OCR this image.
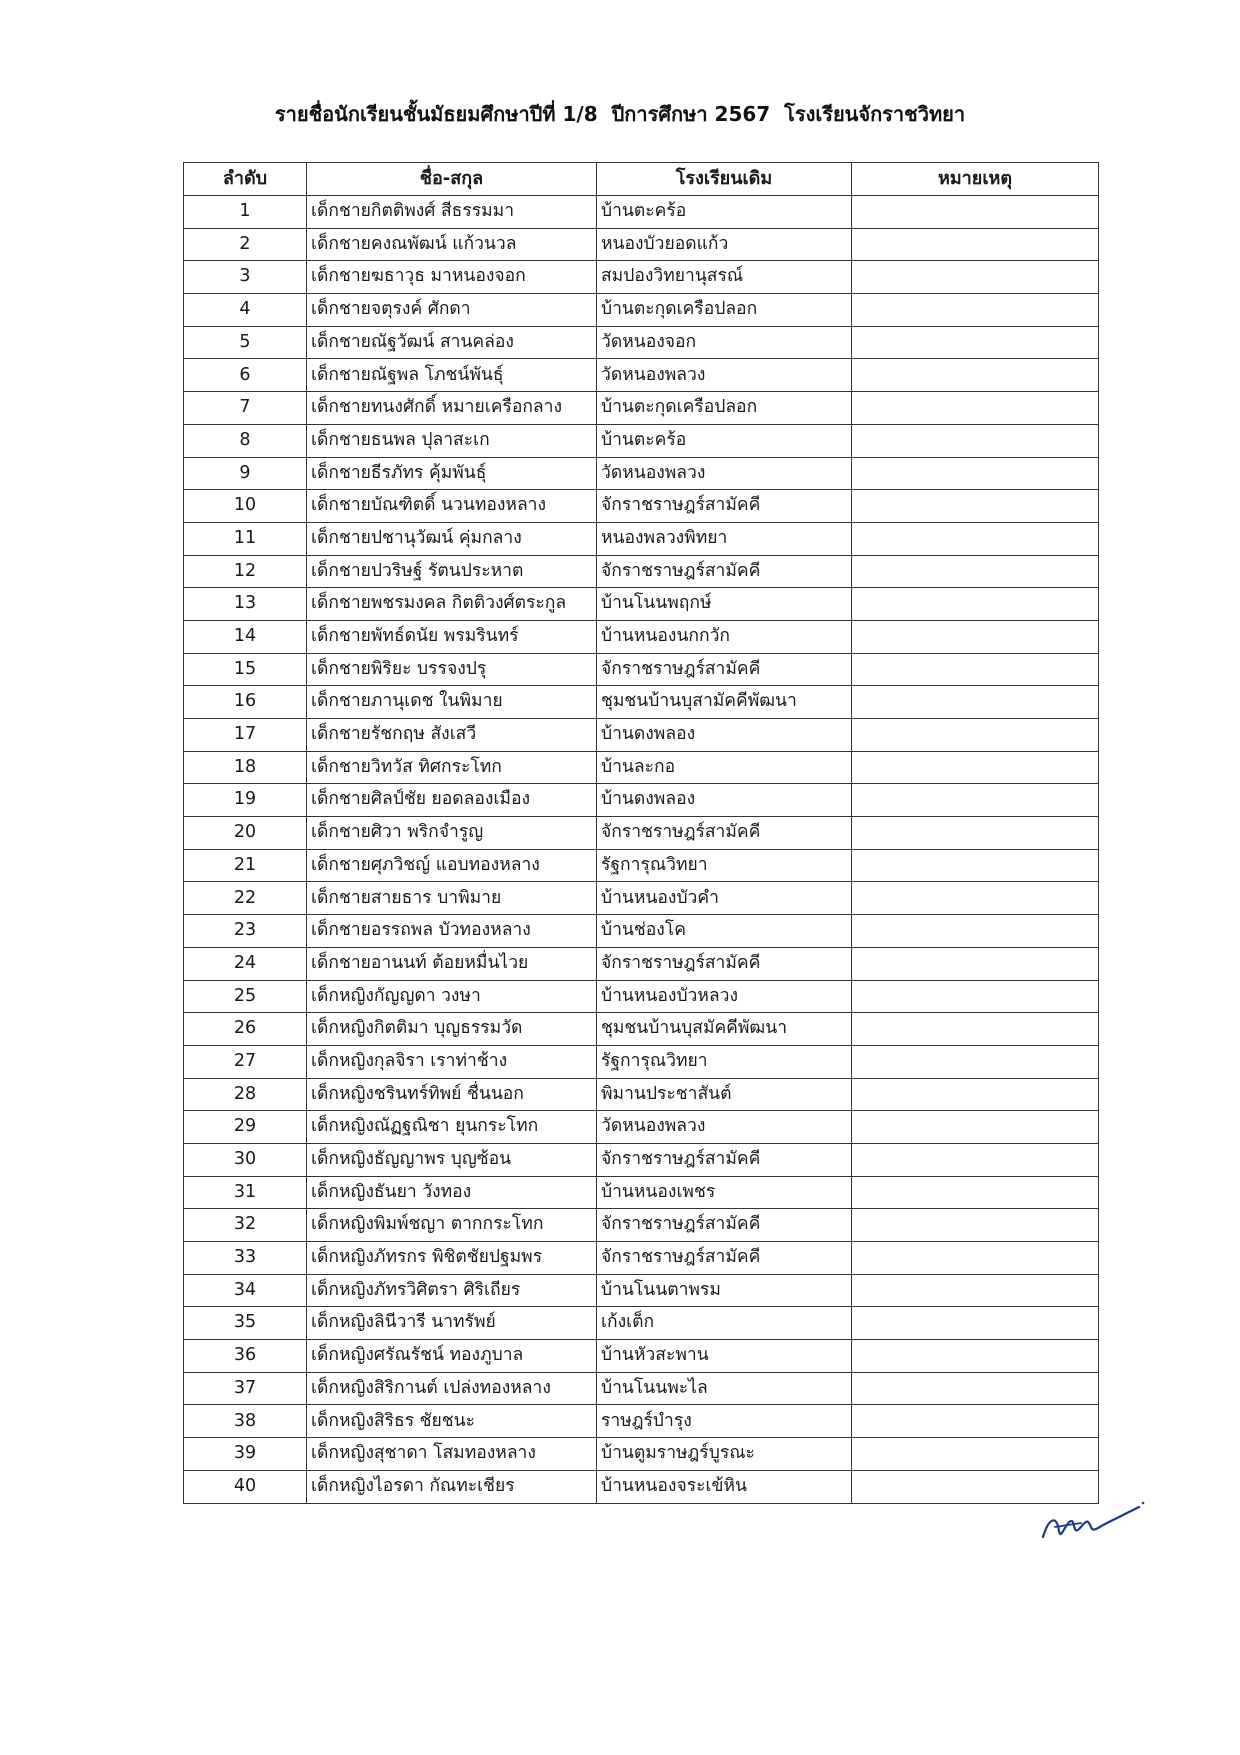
รายชื่อนักเรียนชั้นมัธยมศึกษาปีที่ 1/8  ปีการศึกษา 2567  โรงเรียนจักราชวิทยา
ลำดับ	ชื่อ-สกุล	โรงเรียนเดิม	หมายเหตุ
1	เด็กชายกิตติพงศ์ สีธรรมมา	บ้านตะคร้อ	
2	เด็กชายคงณพัฒน์ แก้วนวล	หนองบัวยอดแก้ว	
3	เด็กชายฆธาวุธ มาหนองจอก	สมปองวิทยานุสรณ์	
4	เด็กชายจตุรงค์ ศักดา	บ้านตะกุดเครือปลอก	
5	เด็กชายณัฐวัฒน์ สานคล่อง	วัดหนองจอก	
6	เด็กชายณัฐพล โภชน์พันธุ์	วัดหนองพลวง	
7	เด็กชายทนงศักดิ์ หมายเครือกลาง	บ้านตะกุดเครือปลอก	
8	เด็กชายธนพล ปุลาสะเก	บ้านตะคร้อ	
9	เด็กชายธีรภัทร คุ้มพันธุ์	วัดหนองพลวง	
10	เด็กชายบัณฑิตดิ์ นวนทองหลาง	จักราชราษฎร์สามัคคี	
11	เด็กชายปชานุวัฒน์ คุ่มกลาง	หนองพลวงพิทยา	
12	เด็กชายปวริษฐ์ รัตนประหาต	จักราชราษฎร์สามัคคี	
13	เด็กชายพชรมงคล กิตติวงศ์ตระกูล	บ้านโนนพฤกษ์	
14	เด็กชายพัทธ์ดนัย พรมรินทร์	บ้านหนองนกกวัก	
15	เด็กชายพิริยะ บรรจงปรุ	จักราชราษฎร์สามัคคี	
16	เด็กชายภานุเดช ในพิมาย	ชุมชนบ้านบุสามัคคีพัฒนา	
17	เด็กชายรัชกฤษ สังเสวี	บ้านดงพลอง	
18	เด็กชายวิทวัส ทิศกระโทก	บ้านละกอ	
19	เด็กชายศิลป์ชัย ยอดลองเมือง	บ้านดงพลอง	
20	เด็กชายศิวา พริกจำรูญ	จักราชราษฎร์สามัคคี	
21	เด็กชายศุภวิชญ์ แอบทองหลาง	รัฐการุณวิทยา	
22	เด็กชายสายธาร บาพิมาย	บ้านหนองบัวคำ	
23	เด็กชายอรรถพล บัวทองหลาง	บ้านช่องโค	
24	เด็กชายอานนท์ ต้อยหมื่นไวย	จักราชราษฎร์สามัคคี	
25	เด็กหญิงกัญญดา วงษา	บ้านหนองบัวหลวง	
26	เด็กหญิงกิตติมา บุญธรรมวัด	ชุมชนบ้านบุสมัคคีพัฒนา	
27	เด็กหญิงกุลจิรา เราท่าช้าง	รัฐการุณวิทยา	
28	เด็กหญิงชรินทร์ทิพย์ ชื่นนอก	พิมานประชาสันต์	
29	เด็กหญิงณัฏฐณิชา ยุนกระโทก	วัดหนองพลวง	
30	เด็กหญิงธัญญาพร บุญซ้อน	จักราชราษฎร์สามัคคี	
31	เด็กหญิงธันยา วังทอง	บ้านหนองเพชร	
32	เด็กหญิงพิมพ์ชญา ตากกระโทก	จักราชราษฎร์สามัคคี	
33	เด็กหญิงภัทรกร พิชิตชัยปฐมพร	จักราชราษฎร์สามัคคี	
34	เด็กหญิงภัทรวิศิตรา ศิริเถียร	บ้านโนนตาพรม	
35	เด็กหญิงลินีวารี นาทรัพย์	เก้งเต็ก	
36	เด็กหญิงศรัณรัชน์ ทองภูบาล	บ้านหัวสะพาน	
37	เด็กหญิงสิริกานต์ เปล่งทองหลาง	บ้านโนนพะไล	
38	เด็กหญิงสิริธร ชัยชนะ	ราษฎร์บำรุง	
39	เด็กหญิงสุชาดา โสมทองหลาง	บ้านตูมราษฎร์บูรณะ	
40	เด็กหญิงไอรดา กัณทะเชียร	บ้านหนองจระเข้หิน	
